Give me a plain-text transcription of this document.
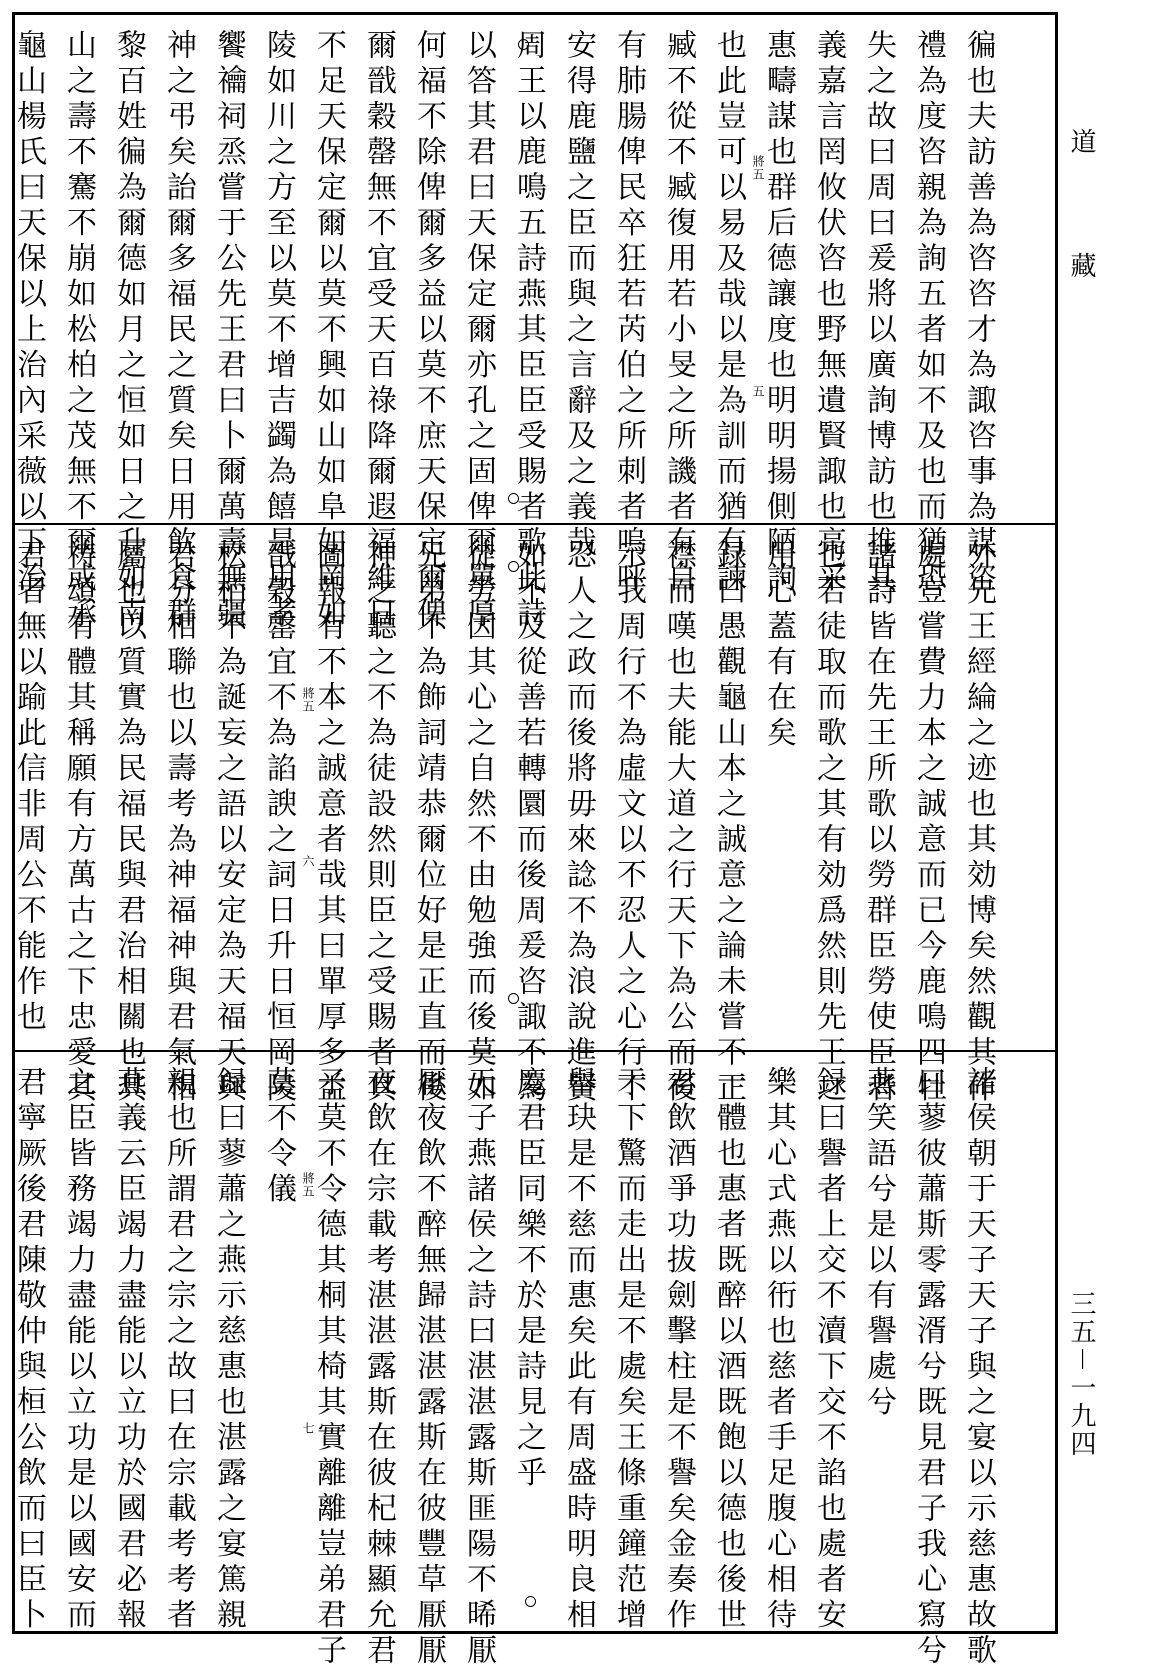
徧也夫訪善為咨咨才為諏咨事為謀咨
禮為度咨親為詢五者如不及也而猶恐
失之故曰周曰爰將以廣詢博訪也推其
義嘉言罔攸伏咨也野無遺賢諏也亮采
惠疇謀也群后德讓度也明明揚側陋詢
也此豈可以易及哉以是為訓而猶有諫
臧不從不臧復用若小旻之所譏者有自
有肺腸俾民卒狂若芮伯之所刺者嗚呼
安得鹿鹽之臣而與之言辭及之義哉
周王以鹿鳴五詩燕其臣臣受賜者歌此詩
以答其君曰天保定爾亦孔之固俾爾單厚
何福不除俾爾多益以莫不庶天保定爾俾
爾戩穀罄無不宜受天百祿降爾遐福維日
不足天保定爾以莫不興如山如阜如岡如
陵如川之方至以莫不增吉蠲為饎是用孝
饗禴祠烝嘗于公先王君曰卜爾萬壽無疆
神之弔矣詒爾多福民之質矣日用飲食群
黎百姓徧為爾德如月之恒如日之升如南
山之壽不騫不崩如松柏之茂無不爾或承
龜山楊氏曰天保以上治內采薇以下治	將五
五
外先王經綸之迹也其効博矣然觀其作
處豈嘗費力本之誠意而已今鹿鳴四牡
諸詩皆在先王所歌以勞群臣勞使臣者
也若徒取而歌之其有効爲然則先王之
用心蓋有在矣
録曰愚觀龜山本之誠意之論未嘗不正
襟而嘆也夫能大道之行天下為公而後
示我周行不為虛文以不忍人之心行不
忍人之政而後將毋來諗不為浪說進賢
如不及從善若轉圜而後周爰咨諏不為
徒勞因其心之自然不由勉強而後莫如
兄弟不為飾詞靖恭爾位好是正直而後
神之聽之不為徒設然則臣之受賜者其
圖報有不本之誠意者哉其曰單厚多益
戩穀罄宜不為諂諛之詞日升日恒岡陵
松栢不為誕妄之語以安定為天福天與
君分相聯也以壽考為神福神與君氣相
屬也以質實為民福民與君治相關也其
祷頌有體其稱願有方萬古之下忠愛其
君者無以踰此信非周公不能作也	將五
六
諸侯朝于天子天子與之宴以示慈惠故歌
曰蓼彼蕭斯零露湑兮既見君子我心寫兮
燕笑語兮是以有譽處兮
録曰譽者上交不瀆下交不諂也處者安
樂其心式燕以衎也慈者手足腹心相待
一體也惠者既醉以酒既飽以德也後世
君飲酒爭功拔劍擊柱是不譽矣金奏作
于下驚而走出是不處矣王條重鐘范增
舉玦是不慈而惠矣此有周盛時明良相
慶君臣同樂不於是詩見之乎
天子燕諸侯之詩曰湛湛露斯匪陽不晞厭
厭夜飲不醉無歸湛湛露斯在彼豐草厭厭
夜飲在宗載考湛湛露斯在彼杞棘顯允君
子莫不令德其桐其椅其實離離豈弟君子
莫不令儀
録曰蓼蕭之燕示慈惠也湛露之宴篤親
親也所謂君之宗之故曰在宗載考考者
燕義云臣竭力盡能以立功於國君必報
之臣皆務竭力盡能以立功是以國安而
君寧厥後君陳敬仲與桓公飲而曰臣卜	將五
七
道
藏
三五－一九四
